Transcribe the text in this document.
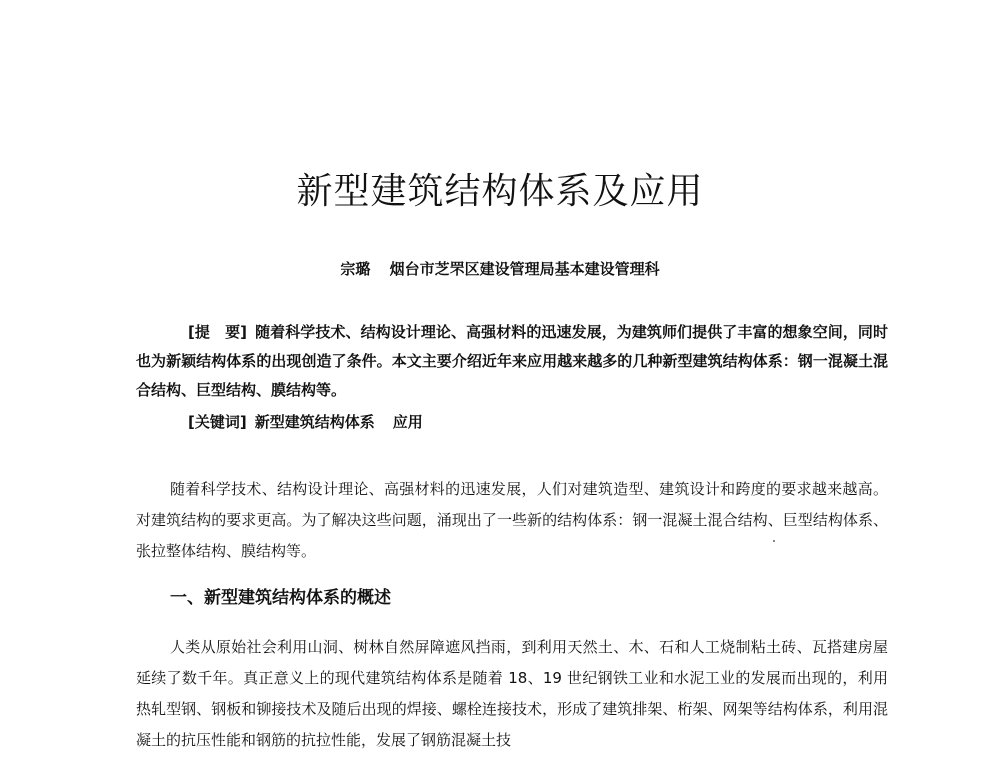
新型建筑结构体系及应用
宗璐 烟台市芝罘区建设管理局基本建设管理科

[提　要] 随着科学技术、结构设计理论、高强材料的迅速发展，为建筑师们提供了丰富的想象空间，同时也为新颖结构体系的出现创造了条件。本文主要介绍近年来应用越来越多的几种新型建筑结构体系：钢一混凝土混合结构、巨型结构、膜结构等。

[关键词] 新型建筑结构体系 应用

随着科学技术、结构设计理论、高强材料的迅速发展，人们对建筑造型、建筑设计和跨度的要求越来越高。对建筑结构的要求更高。为了解决这些问题，涌现出了一些新的结构体系：钢一混凝土混合结构、巨型结构体系、张拉整体结构、膜结构等。

一、新型建筑结构体系的概述

人类从原始社会利用山洞、树林自然屏障遮风挡雨，到利用天然土、木、石和人工烧制粘土砖、瓦搭建房屋延续了数千年。真正意义上的现代建筑结构体系是随着 18、19 世纪钢铁工业和水泥工业的发展而出现的，利用热轧型钢、钢板和铆接技术及随后出现的焊接、螺栓连接技术，形成了建筑排架、桁架、网架等结构体系，利用混凝土的抗压性能和钢筋的抗拉性能，发展了钢筋混凝土技
